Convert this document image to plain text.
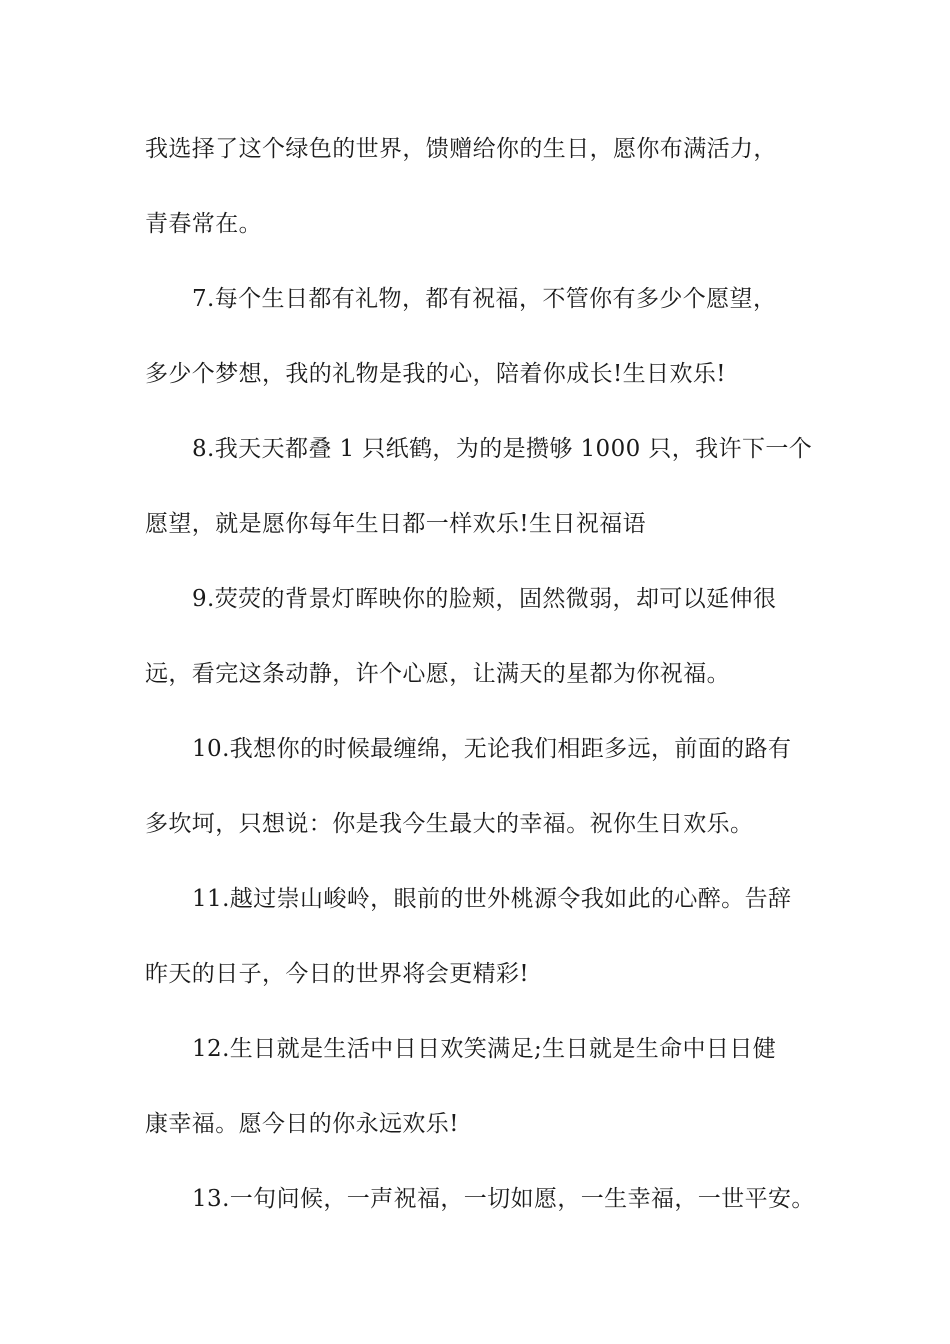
我选择了这个绿色的世界，馈赠给你的生日，愿你布满活力，
青春常在。
7.每个生日都有礼物，都有祝福，不管你有多少个愿望，
多少个梦想，我的礼物是我的心，陪着你成长!生日欢乐!
8.我天天都叠 1 只纸鹤，为的是攒够 1000 只，我许下一个
愿望，就是愿你每年生日都一样欢乐!生日祝福语
9.荧荧的背景灯晖映你的脸颊，固然微弱，却可以延伸很
远，看完这条动静，许个心愿，让满天的星都为你祝福。
10.我想你的时候最缠绵，无论我们相距多远，前面的路有
多坎坷，只想说：你是我今生最大的幸福。祝你生日欢乐。
11.越过崇山峻岭，眼前的世外桃源令我如此的心醉。告辞
昨天的日子，今日的世界将会更精彩!
12.生日就是生活中日日欢笑满足;生日就是生命中日日健
康幸福。愿今日的你永远欢乐!
13.一句问候，一声祝福，一切如愿，一生幸福，一世平安。
